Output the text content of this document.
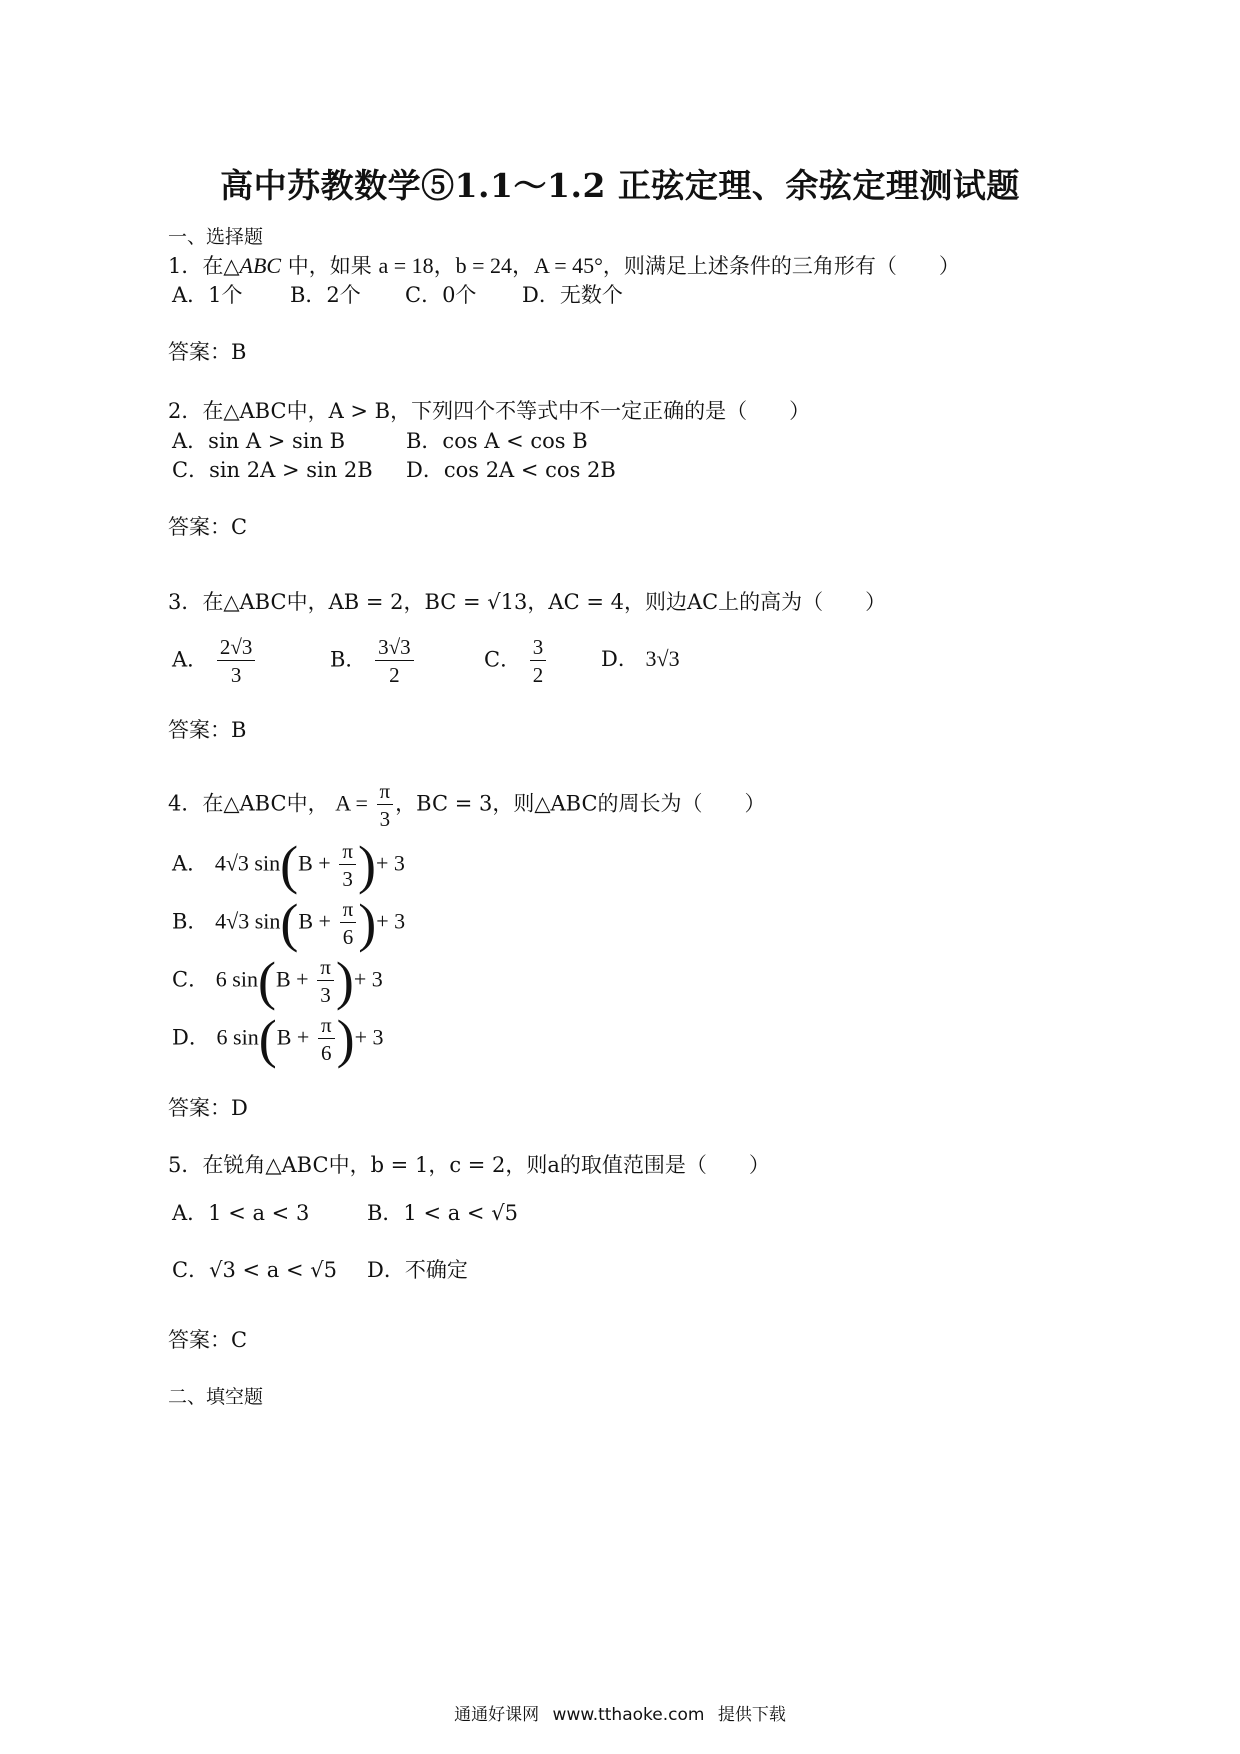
高中苏教数学⑤1.1～1.2 正弦定理、余弦定理测试题
一、选择题
1．在△ABC 中，如果 a = 18，b = 24，A = 45°，则满足上述条件的三角形有（　　）
A．1个 B．2个 C．0个 D．无数个
答案：B
2．在△ABC中，A > B，下列四个不等式中不一定正确的是（　　）
A．sin A > sin B	B．cos A < cos B
C．sin 2A > sin 2B D．cos 2A < cos 2B
答案：C
3．在△ABC中，AB = 2，BC = √13，AC = 4，则边AC上的高为（　　）
A． $\frac{2√3}{3}$	B． $\frac{3√3}{2}$	C． $\frac{3}{2}$	D． 3√3
答案：B
4．在△ABC中， $A = \frac{\pi}{3}$ ，BC = 3，则△ABC的周长为（　　）
A． 4√3 $\sin(B + \frac{\pi}{3}$ )+ 3
B． 4√3 $\sin(B + \frac{\pi}{6}$ )+ 3
C． 6 $\sin(B + \frac{\pi}{3}$ )+ 3
D． 6 $\sin(B + \frac{\pi}{6}$ )+ 3
答案：D
5．在锐角△ABC中，b = 1，c = 2，则a的取值范围是（　　）
A．1 < a < 3	B．1 < a < √5
C．√3 < a < √5 D．不确定
答案：C
二、填空题
通通好课网 www.tthaoke.com 提供下载
